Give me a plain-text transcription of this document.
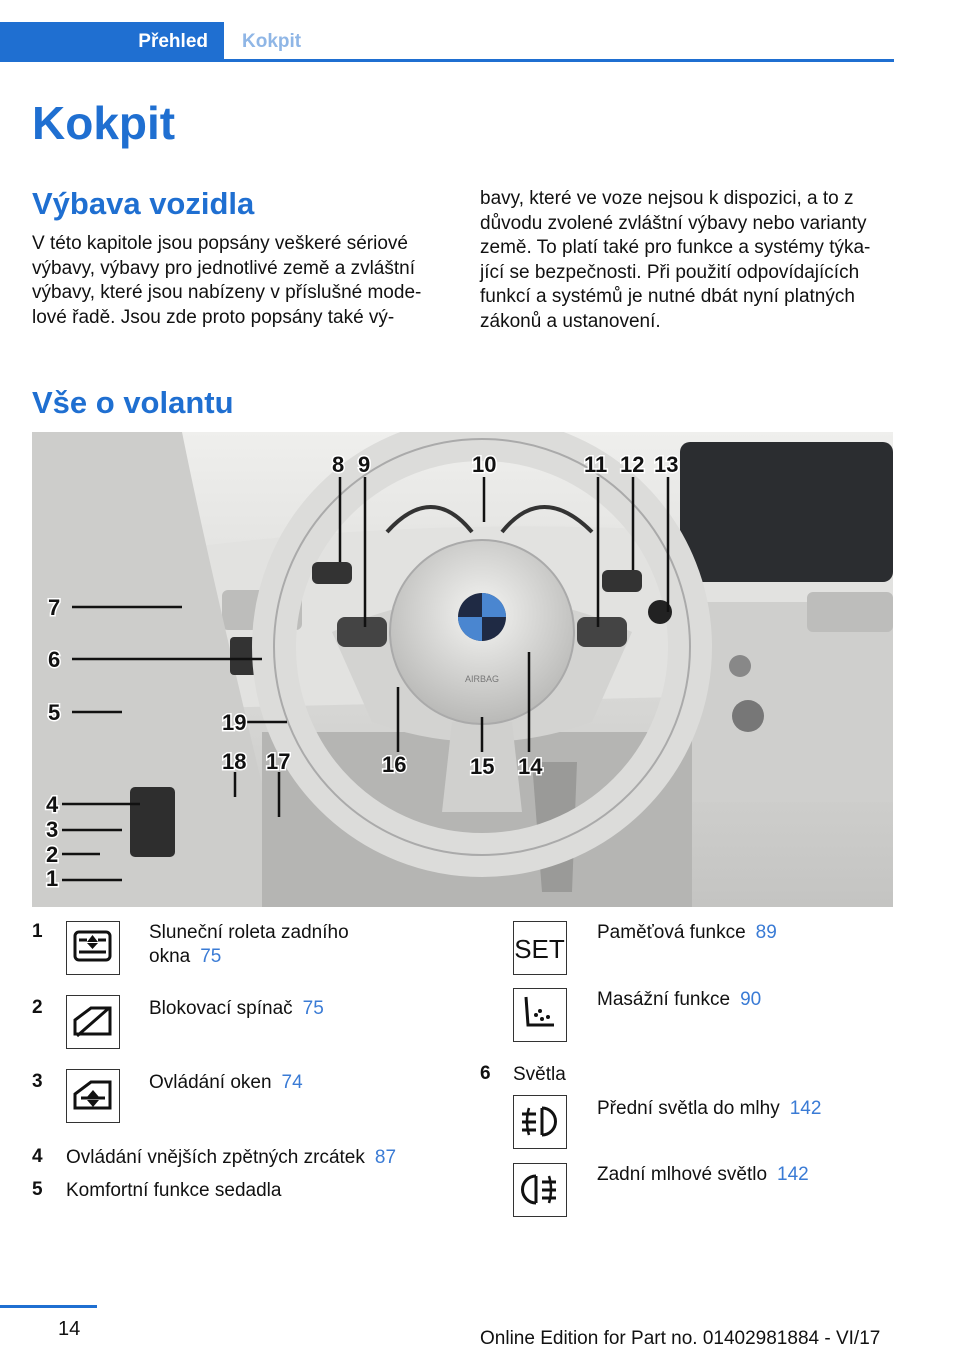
Přehled	Kokpit
Kokpit
Výbava vozidla
V této kapitole jsou popsány veškeré sériové
výbavy, výbavy pro jednotlivé země a zvláštní
výbavy, které jsou nabízeny v příslušné mode-
lové řadě. Jsou zde proto popsány také vý-
bavy, které ve voze nejsou k dispozici, a to z
důvodu zvolené zvláštní výbavy nebo varianty
země. To platí také pro funkce a systémy týka-
jící se bezpečnosti. Při použití odpovídajících
funkcí a systémů je nutné dbát nyní platných
zákonů a ustanovení.
Vše o volantu
AIRBAG
1
2
3
4
5
6
7
8 9	10	11 12 13
14
15
16
17
18
19
1	Sluneční roleta zadního
okna 75
2	Blokovací spínač 75
3	Ovládání oken 74
4 Ovládání vnějších zpětných zrcátek 87
5 Komfortní funkce sedadla
SET
Paměťová funkce 89
Masážní funkce 90
6 Světla
Přední světla do mlhy 142
Zadní mlhové světlo 142
14	Online Edition for Part no. 01402981884 - VI/17
